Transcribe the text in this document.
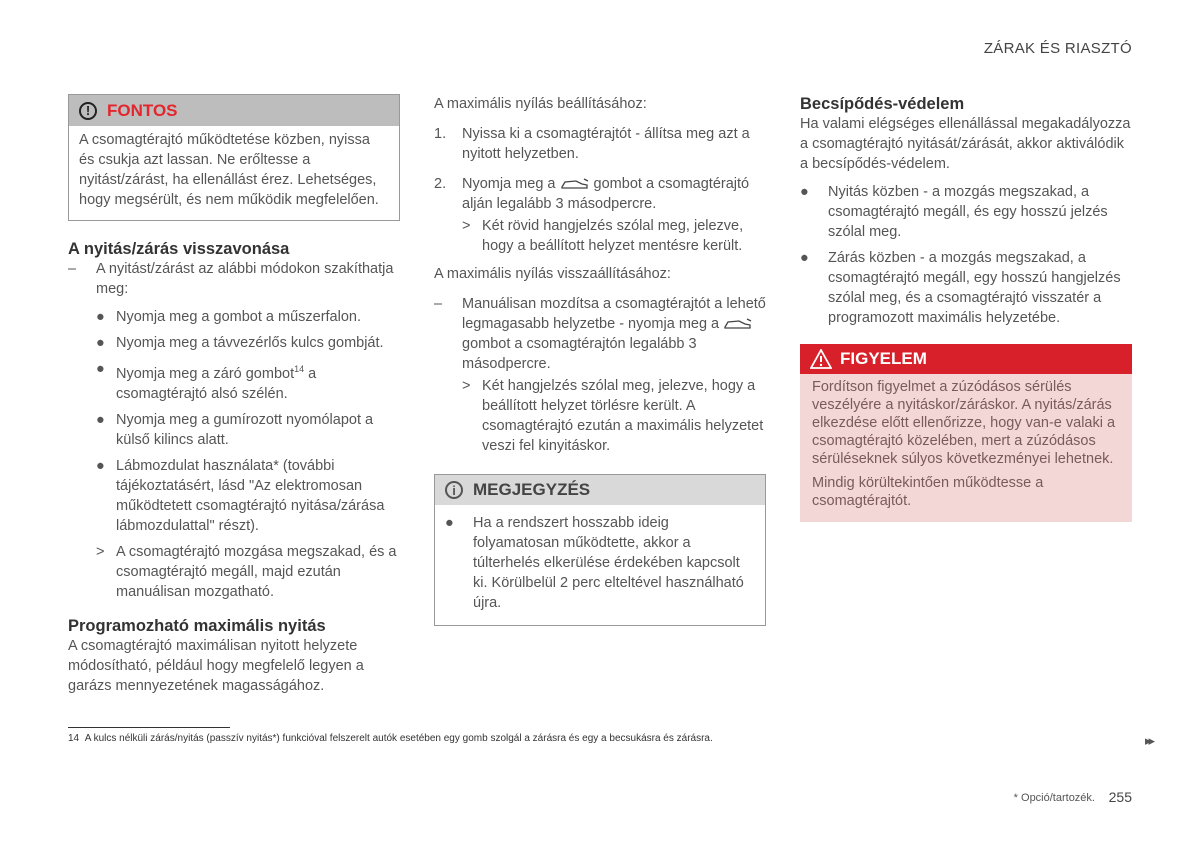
ZÁRAK ÉS RIASZTÓ
! FONTOS

A csomagtérajtó működtetése közben, nyissa és csukja azt lassan. Ne erőltesse a nyitást/zárást, ha ellenállást érez. Lehetséges, hogy megsérült, és nem működik megfelelően.

A nyitás/zárás visszavonása
–	A nyitást/zárást az alábbi módokon szakíthatja meg:
● Nyomja meg a gombot a műszerfalon.
● Nyomja meg a távvezérlős kulcs gombját.
● Nyomja meg a záró gombot$^{14}$ a csomagtérajtó alsó szélén.
● Nyomja meg a gumírozott nyomólapot a külső kilincs alatt.
● Lábmozdulat használata* (további tájékoztatásért, lásd "Az elektromosan működtetett csomagtérajtó nyitása/zárása lábmozdulattal" részt).
> A csomagtérajtó mozgása megszakad, és a csomagtérajtó megáll, majd ezután manuálisan mozgatható.
Programozható maximális nyitás

A csomagtérajtó maximálisan nyitott helyzete módosítható, például hogy megfelelő legyen a garázs mennyezetének magasságához.

A maximális nyílás beállításához:

1.	Nyissa ki a csomagtérajtót - állítsa meg azt a nyitott helyzetben.
2.	Nyomja meg a	gombot a csomagtérajtó alján legalább 3 másodpercre.
> Két rövid hangjelzés szólal meg, jelezve, hogy a beállított helyzet mentésre került.

A maximális nyílás visszaállításához:

–	Manuálisan mozdítsa a csomagtérajtót a lehető legmagasabb helyzetbe - nyomja meg a  gombot a csomagtérajtón legalább 3 másodpercre.
> Két hangjelzés szólal meg, jelezve, hogy a beállított helyzet törlésre került. A csomagtérajtó ezután a maximális helyzetet veszi fel kinyitáskor.
i	MEGJEGYZÉS
●	Ha a rendszert hosszabb ideig folyamatosan működtette, akkor a túlterhelés elkerülése érdekében kapcsolt ki. Körülbelül 2 perc elteltével használható újra.
Becsípődés-védelem

Ha valami elégséges ellenállással megakadályozza a csomagtérajtó nyitását/zárását, akkor aktiválódik a becsípődés-védelem.

●	Nyitás közben - a mozgás megszakad, a csomagtérajtó megáll, és egy hosszú jelzés szólal meg.
●	Zárás közben - a mozgás megszakad, a csomagtérajtó megáll, egy hosszú hangjelzés szólal meg, és a csomagtérajtó visszatér a programozott maximális helyzetébe.
FIGYELEM

Fordítson figyelmet a zúzódásos sérülés veszélyére a nyitáskor/záráskor. A nyitás/zárás elkezdése előtt ellenőrizze, hogy van-e valaki a csomagtérajtó közelében, mert a zúzódásos sérüléseknek súlyos következményei lehetnek.

Mindig körültekintően működtesse a csomagtérajtót.

14 A kulcs nélküli zárás/nyitás (passzív nyitás*) funkcióval felszerelt autók esetében egy gomb szolgál a zárásra és egy a becsukásra és zárásra.	▸▸
* Opció/tartozék. 255
